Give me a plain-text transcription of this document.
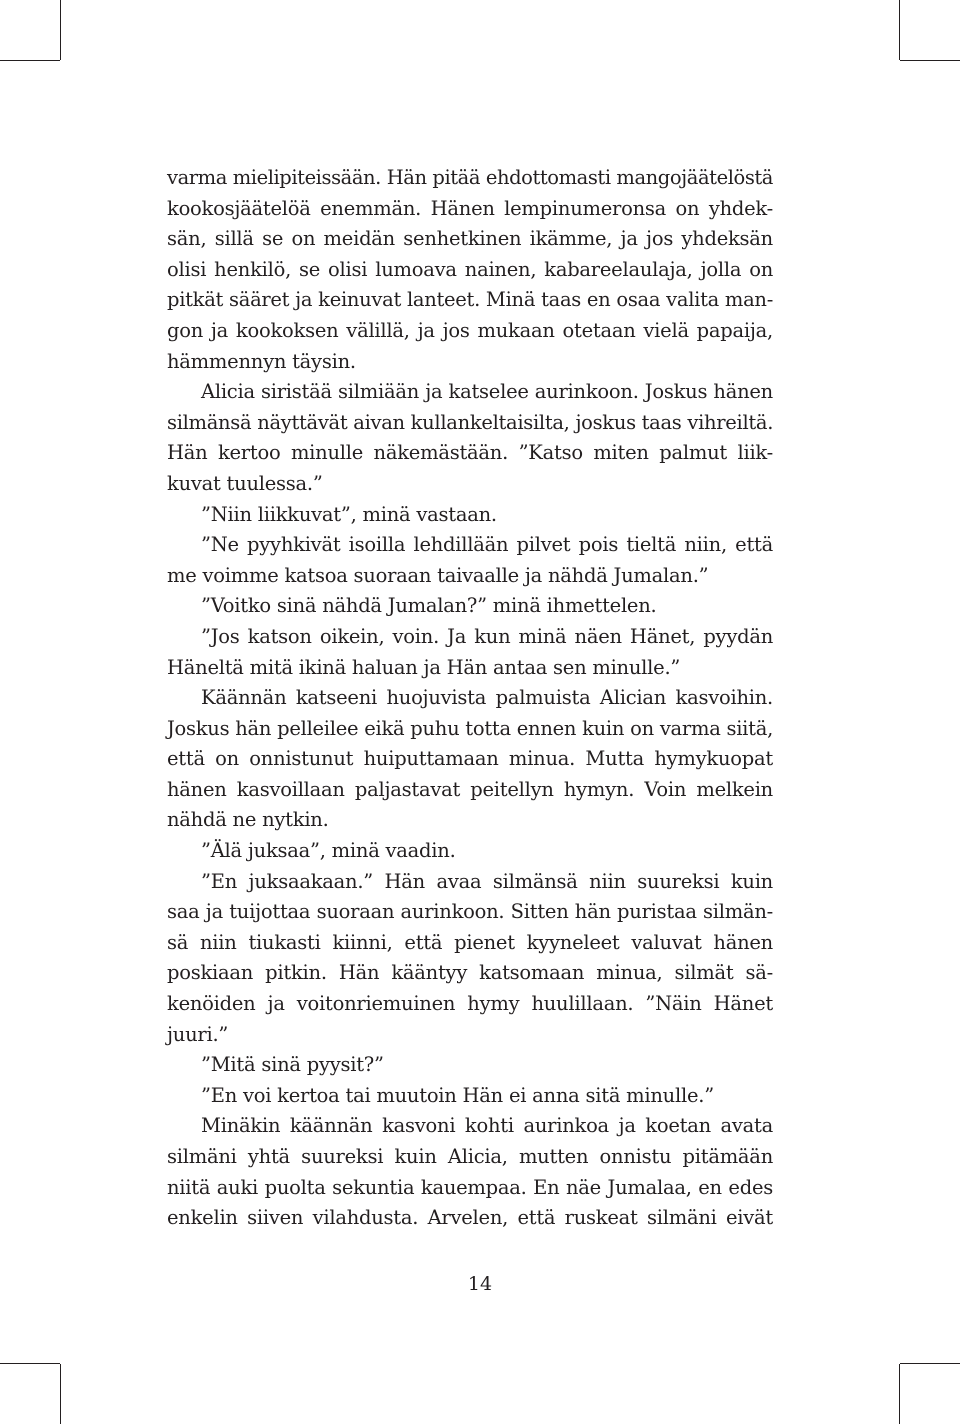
varma mielipiteissään. Hän pitää ehdottomasti mangojäätelöstä
kookosjäätelöä enemmän. Hänen lempinumeronsa on yhdek-
sän, sillä se on meidän senhetkinen ikämme, ja jos yhdeksän
olisi henkilö, se olisi lumoava nainen, kabareelaulaja, jolla on
pitkät sääret ja keinuvat lanteet. Minä taas en osaa valita man-
gon ja kookoksen välillä, ja jos mukaan otetaan vielä papaija,
hämmennyn täysin.
Alicia siristää silmiään ja katselee aurinkoon. Joskus hänen
silmänsä näyttävät aivan kullankeltaisilta, joskus taas vihreiltä.
Hän kertoo minulle näkemästään. ”Katso miten palmut liik-
kuvat tuulessa.”
”Niin liikkuvat”, minä vastaan.
”Ne pyyhkivät isoilla lehdillään pilvet pois tieltä niin, että
me voimme katsoa suoraan taivaalle ja nähdä Jumalan.”
”Voitko sinä nähdä Jumalan?” minä ihmettelen.
”Jos katson oikein, voin. Ja kun minä näen Hänet, pyydän
Häneltä mitä ikinä haluan ja Hän antaa sen minulle.”
Käännän katseeni huojuvista palmuista Alician kasvoihin.
Joskus hän pelleilee eikä puhu totta ennen kuin on varma siitä,
että on onnistunut huiputtamaan minua. Mutta hymykuopat
hänen kasvoillaan paljastavat peitellyn hymyn. Voin melkein
nähdä ne nytkin.
”Älä juksaa”, minä vaadin.
”En juksaakaan.” Hän avaa silmänsä niin suureksi kuin
saa ja tuijottaa suoraan aurinkoon. Sitten hän puristaa silmän-
sä niin tiukasti kiinni, että pienet kyyneleet valuvat hänen
poskiaan pitkin. Hän kääntyy katsomaan minua, silmät sä-
kenöiden ja voitonriemuinen hymy huulillaan. ”Näin Hänet
juuri.”
”Mitä sinä pyysit?”
”En voi kertoa tai muutoin Hän ei anna sitä minulle.”
Minäkin käännän kasvoni kohti aurinkoa ja koetan avata
silmäni yhtä suureksi kuin Alicia, mutten onnistu pitämään
niitä auki puolta sekuntia kauempaa. En näe Jumalaa, en edes
enkelin siiven vilahdusta. Arvelen, että ruskeat silmäni eivät
14
